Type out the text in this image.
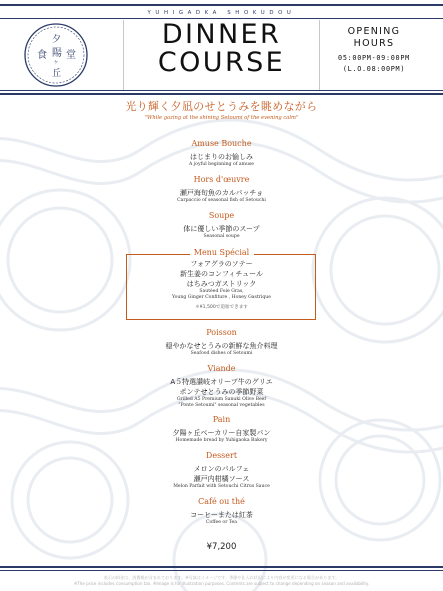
YUHIGADKA SHOKUDOU
夕
陽
ヶ
丘
食 堂
DINNER
COURSE
OPENING
HOURS
05:00PM-09:00PM
(L.O.08:00PM)
光り輝く夕凪のせとうみを眺めながら
"While gazing at the shining Setoumi of the evening calm"
Amuse Bouche
はじまりのお愉しみ
A joyful beginning of amuse
Hors d'œuvre
瀬戸海旬魚のカルパッチョ
Carpaccio of seasonal fish of Setouchi
Soupe
体に優しい季節のスープ
Seasonal soupe
Menu Spécial
フォアグラのソテー
新生姜のコンフィチュール
はちみつガストリック
Sautéed Foie Gras,
Young Ginger Confiture , Honey Gastrique
＊¥1,500で追加できます
Poisson
穏やかなせとうみの新鮮な魚介料理
Seafood dishes of Setoumi
Viande
A５特選讃岐オリーブ牛のグリエ
ポンテせとうみの季節野菜
Grilled A5 Premium Sanuki Olive Beef
"Ponte Setoumi" seasonal vegetables
Pain
夕陽ヶ丘ベーカリー自家製パン
Homemade bread by Yuhigaoka Bakery
Dessert
メロンのパルフェ
瀬戸内柑橘ソース
Melon Parfait with Setouchi Citrus Sauce
Café ou thé
コーヒーまたは紅茶
Coffee or Tea
¥7,200
表示の料金は、消費税が含まれております。※写真はイメージです。季節や仕入れ状況により内容が変更になる場合があります。
※The price includes consumption tax. ※Image is for illustration purposes. Contents are subject to change depending on season and availability.
